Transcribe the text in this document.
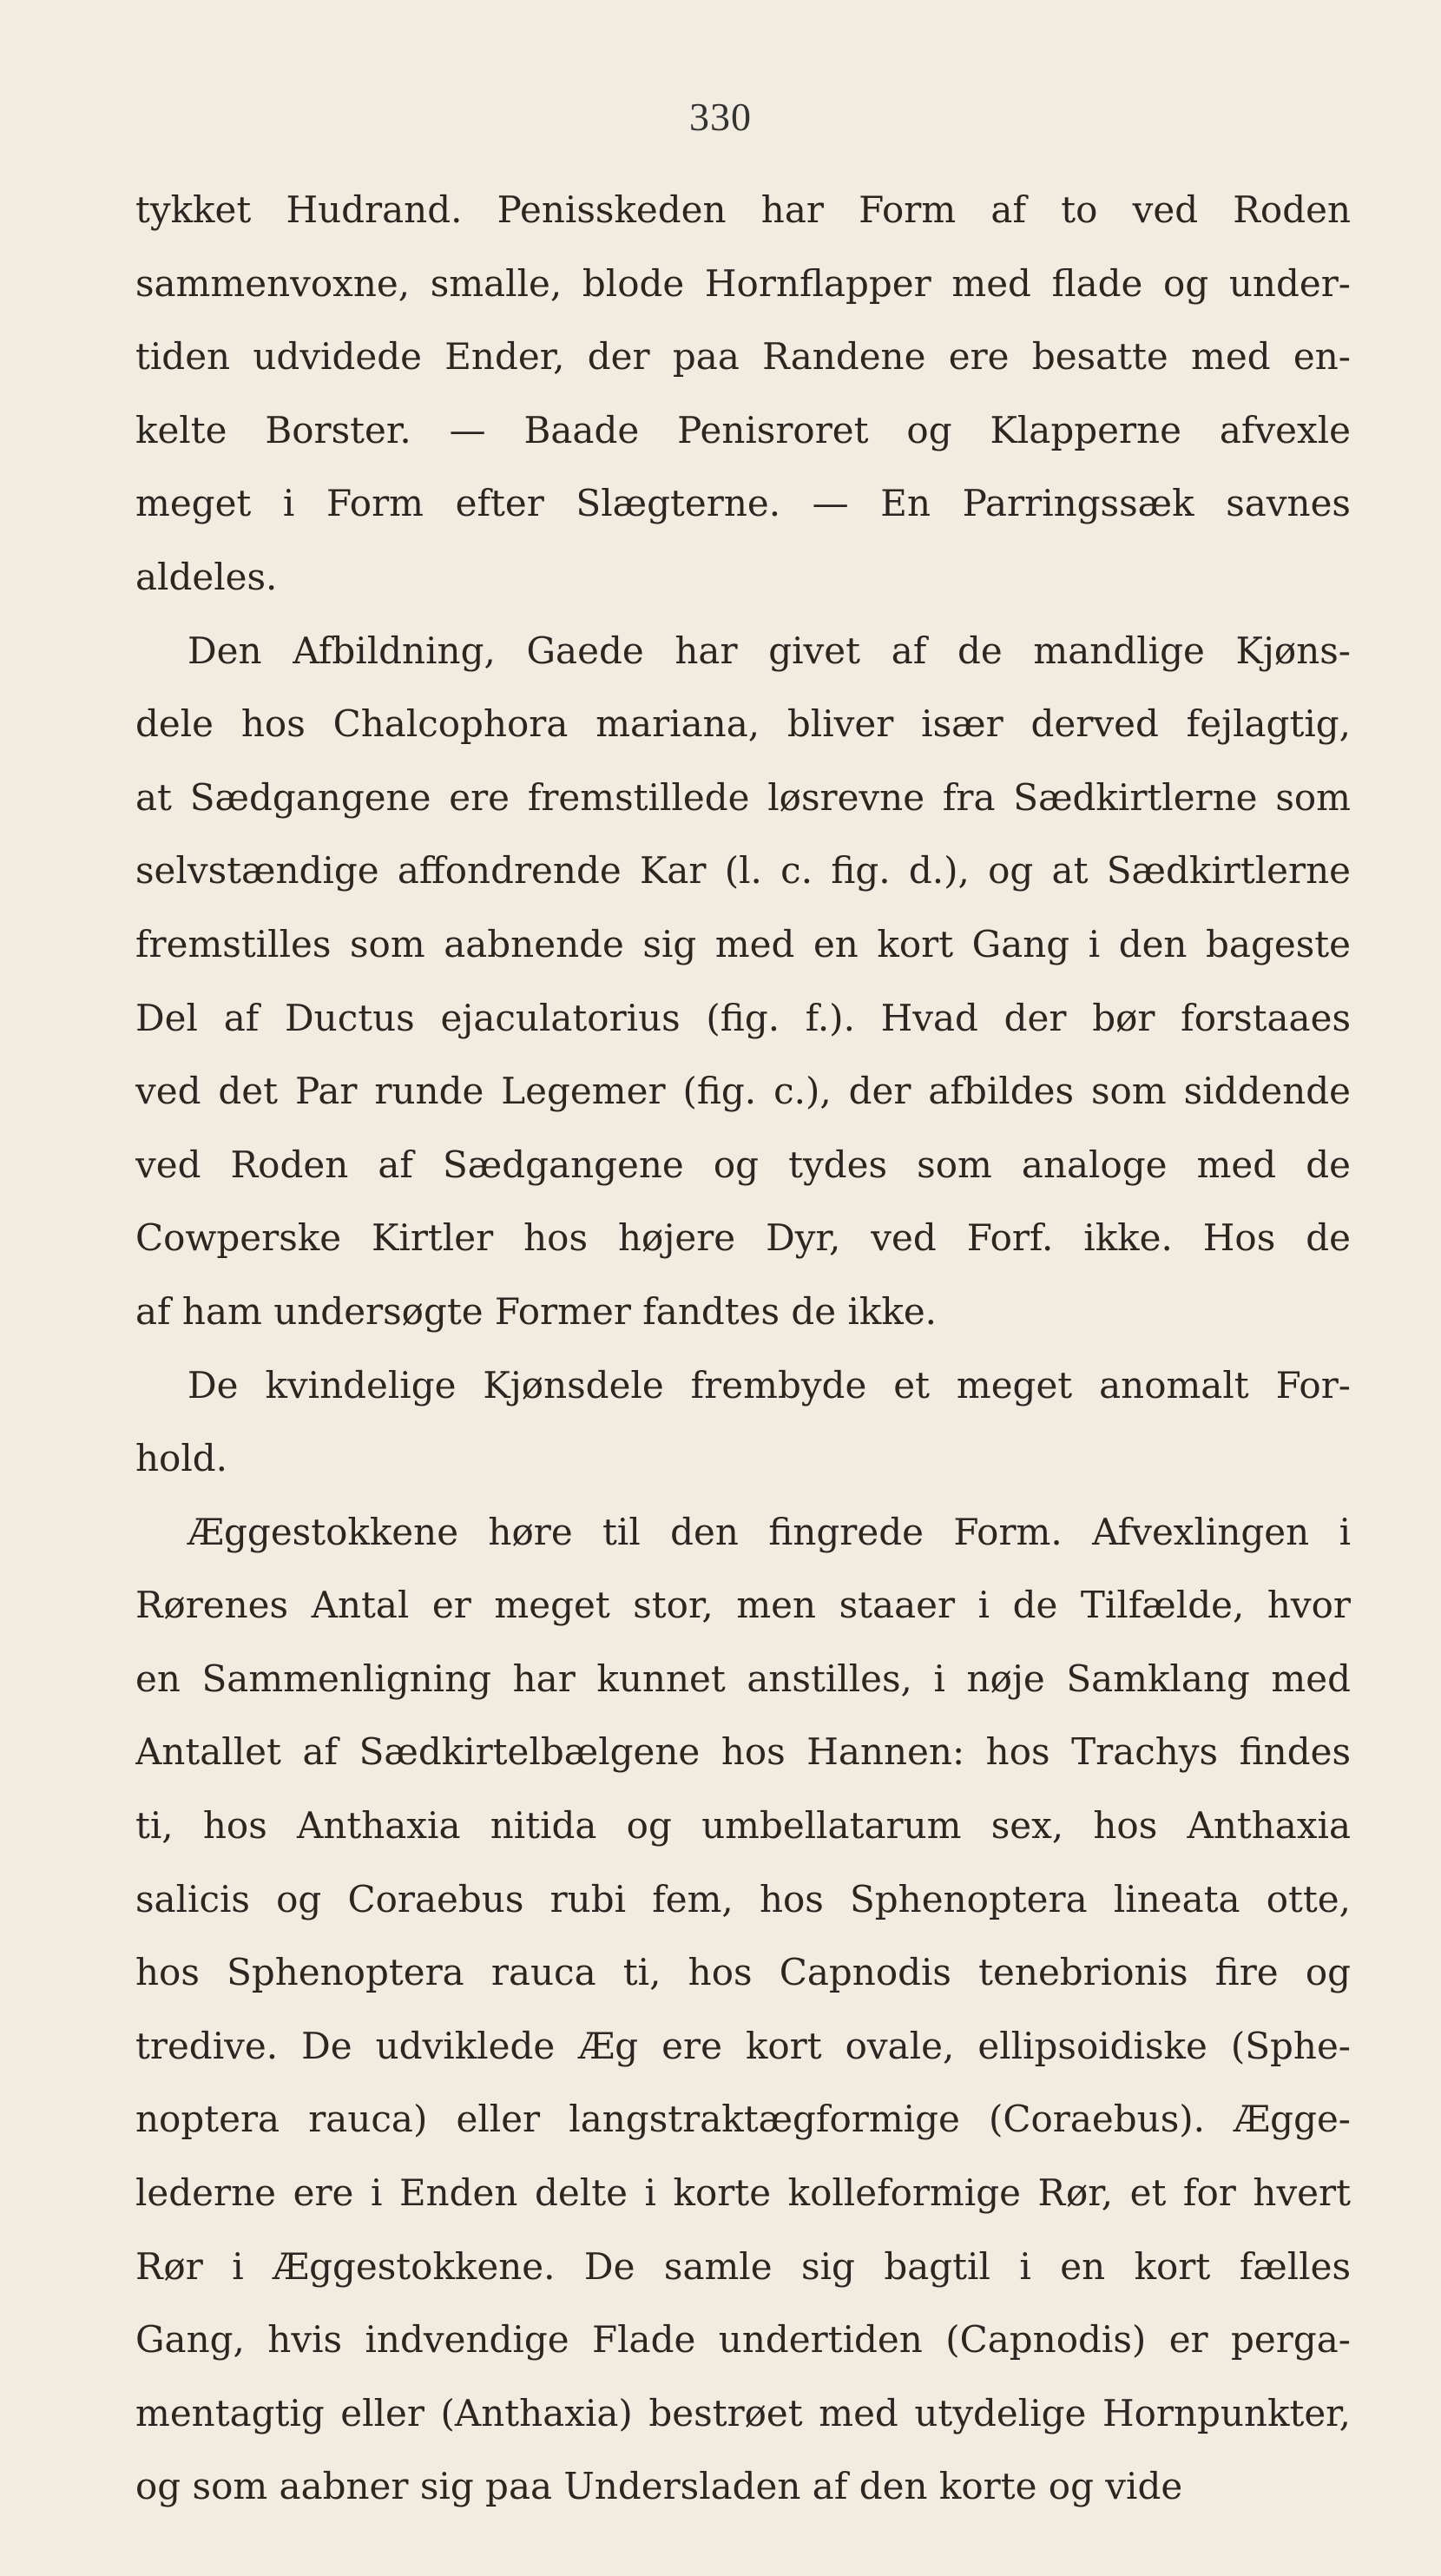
330
tykket Hudrand. Penisskeden har Form af to ved Roden
sammenvoxne, smalle, blode Hornflapper med flade og under-
tiden udvidede Ender, der paa Randene ere besatte med en-
kelte Borster. — Baade Penisroret og Klapperne afvexle
meget i Form efter Slægterne. — En Parringssæk savnes
aldeles.
Den Afbildning, Gaede har givet af de mandlige Kjøns-
dele hos Chalcophora mariana, bliver især derved fejlagtig,
at Sædgangene ere fremstillede løsrevne fra Sædkirtlerne som
selvstændige affondrende Kar (l. c. fig. d.), og at Sædkirtlerne
fremstilles som aabnende sig med en kort Gang i den bageste
Del af Ductus ejaculatorius (fig. f.). Hvad der bør forstaaes
ved det Par runde Legemer (fig. c.), der afbildes som siddende
ved Roden af Sædgangene og tydes som analoge med de
Cowperske Kirtler hos højere Dyr, ved Forf. ikke. Hos de
af ham undersøgte Former fandtes de ikke.
De kvindelige Kjønsdele frembyde et meget anomalt For-
hold.
Æggestokkene høre til den fingrede Form. Afvexlingen i
Rørenes Antal er meget stor, men staaer i de Tilfælde, hvor
en Sammenligning har kunnet anstilles, i nøje Samklang med
Antallet af Sædkirtelbælgene hos Hannen: hos Trachys findes
ti, hos Anthaxia nitida og umbellatarum sex, hos Anthaxia
salicis og Coraebus rubi fem, hos Sphenoptera lineata otte,
hos Sphenoptera rauca ti, hos Capnodis tenebrionis fire og
tredive. De udviklede Æg ere kort ovale, ellipsoidiske (Sphe-
noptera rauca) eller langstraktægformige (Coraebus). Ægge-
lederne ere i Enden delte i korte kolleformige Rør, et for hvert
Rør i Æggestokkene. De samle sig bagtil i en kort fælles
Gang, hvis indvendige Flade undertiden (Capnodis) er perga-
mentagtig eller (Anthaxia) bestrøet med utydelige Hornpunkter,
og som aabner sig paa Undersladen af den korte og vide
